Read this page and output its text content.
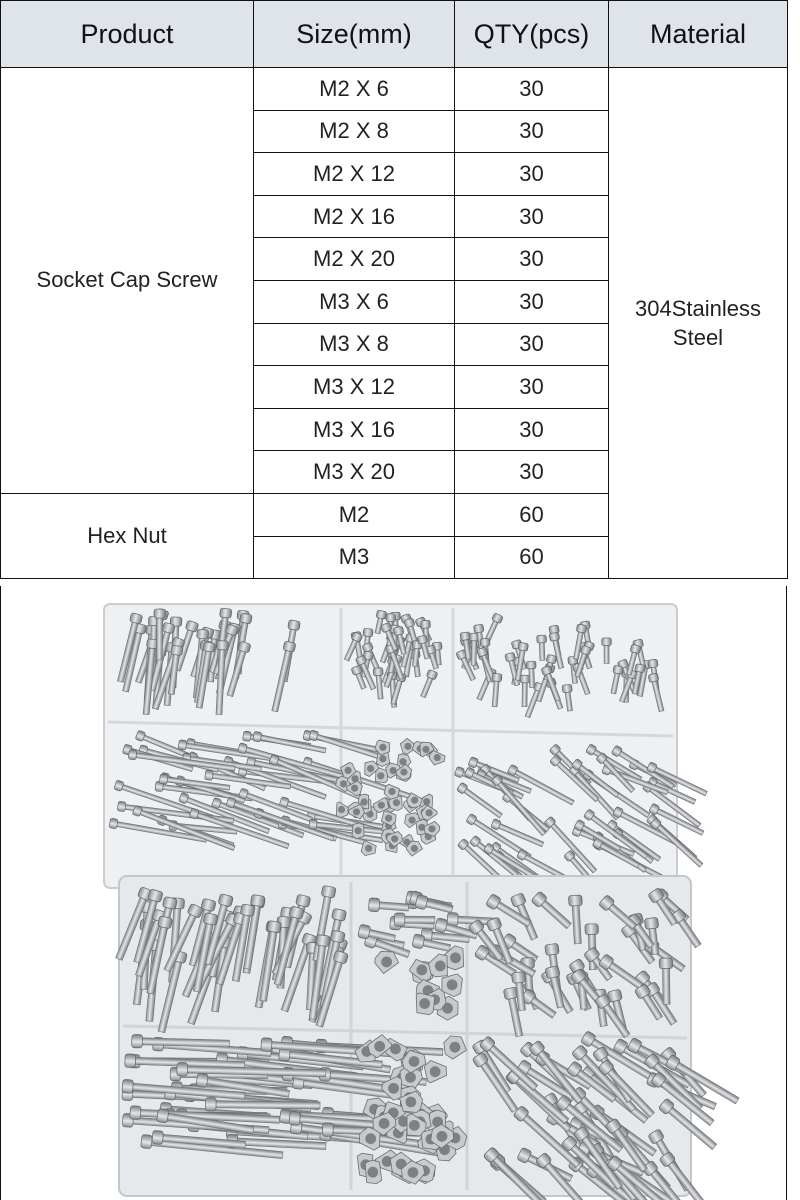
Product	Size(mm)	QTY(pcs)	Material
Socket Cap Screw	M2 X 6	30	304Stainless
Steel
	M2 X 8	30	
	M2 X 12	30	
	M2 X 16	30	
	M2 X 20	30	
	M3 X 6	30	
	M3 X 8	30	
	M3 X 12	30	
	M3 X 16	30	
	M3 X 20	30	
Hex Nut	M2	60	
	M3	60	
